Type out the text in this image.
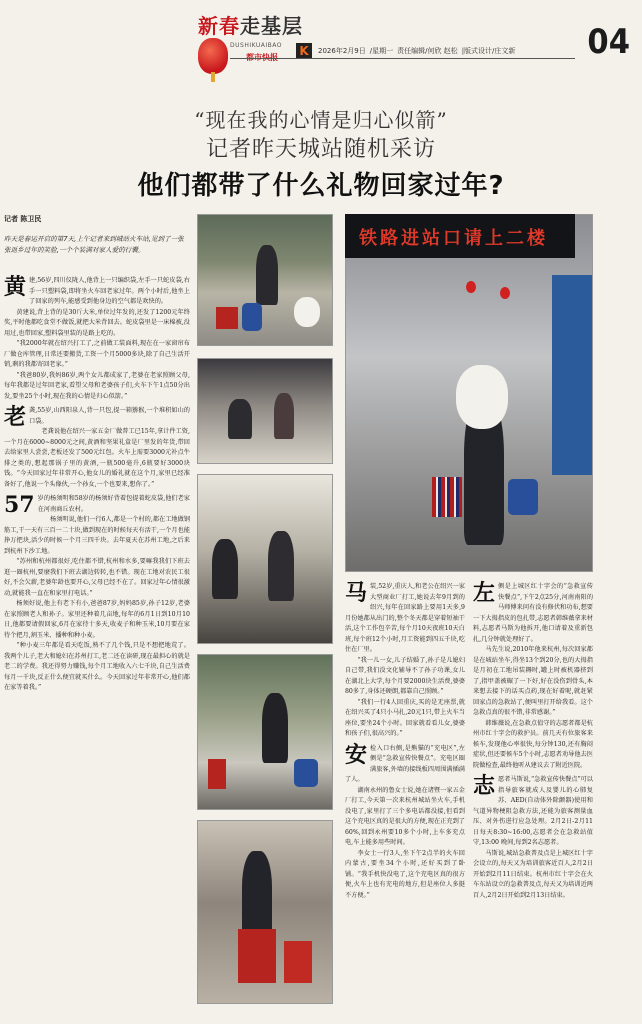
新春走基层
DUSHIKUAIBAO K	2026年2月9日 /星期一 责任编辑/何欣 赵松 |版式设计/庄文新 04
“现在我的心情是归心似箭”
记者昨天城站随机采访
他们都带了什么礼物回家过年?
记者 陈卫民
昨天是春运开启的第7天,上午记者来到城站火车站,见到了一张张返乡过年的笑脸,一个个装满对家人爱的行囊。

黄建,56岁,四川仪陇人,他背上一只编织袋,左手一只蛇皮袋,右手一只塑料袋,即将坐火车回老家过年。两个小时后,他坐上了回家的列车,能感受到他身边的空气都是欢快的。

黄建说,背上背的是30斤大米,单位过年发的,还发了1200元年终奖,平时他都吃食堂不做饭,就把大米背回去。蛇皮袋里是一床棉被,没用过,也带回家,塑料袋里装的是路上吃的。

“我2000年就在绍兴打工了,之前做工装面料,现在在一家窗帘布厂做仓库管理,日常还要搬货,工资一个月5000多块,除了自己生活开销,剩的我都寄回老家。”

“我爸80岁,我妈86岁,两个女儿都成家了,老婆在老家照顾父母,每年我都是过年回老家,看望父母和老婆孩子们,火车下午1点50分出发,要坐25个小时,现在我的心情是归心似箭。”

老龚,55岁,山西阳泉人,背一只包,提一箱猕猴,一个堆积如山的口袋。

老龚说他在绍兴一家五金厂做普工已15年,拿计件工资,一个月在6000~8000元之间,黄酒和坚果礼盒是厂里发的年货,带回去给家里人尝尝,老板还发了500元红包。火车上需要3000元补点牛排之类的,想起那锅子里的黄酒,一瓶500毫升,6瓶要好3000块钱。“今天回家过年非常开心,他女儿的婚礼就在这个月,家里已经准备好了,他说一个头像伙,一个孙女,一个也要来,想你了。”

57 岁的杨须明和58岁的杨须好背着包提着蛇皮袋,他们老家在河南商丘农村。

杨须明说,他们一行6人,都是一个村的,都在工地做钢筋工,干一天有三百一二十块,做到现在的时候每天有活干,一个月也能挣万把块,活少的时候一个月三四千块。去年夏天在苏州工地,之后来到杭州下沙工地。

“苏州和杭州都很好,吃住都不错,杭州和水多,要嘛我我们下班去逛一圈杭州,要麼我们下班去湖边转转,也不错。现在工地对农民工很好,不会欠薪,老婆年龄也要开心,父母已经不在了。回家过年心情很激动,就能我一直在和家里打电话。”

杨须好说,他上有老下有小,爸爸87岁,妈妈85岁,孙子12岁,老婆在家照顾老人和孙子。家里还种着几亩地,每年的6月1日到10月10日,他都要请假回家,6月在家待十多天,收麦子和种玉米,10月要在家待个把月,割玉米、播种和种小麦。

“种小麦三年都是看天吃饭,熟不了几个钱,只是不想把地荒了。我两个儿子,老大和媳妇在苏州打工,老二还在读研,现在最担心的就是老二的学费。我还得努力赚钱,每个月工地收入六七千块,自己生活费每月一千块,反正什么便宜就买什么。今天回家过年非常开心,他们都在家等着我。”

铁路进站口请上二楼

马装,52岁,重庆人,和老公在绍兴一家大型商业厂打工,她说去年9月到的绍兴,每年在回家路上要用1天多,9月份她都从出门的,整个冬天都是穿着短袖干活,这个工作包辛苦,每个月10天夜班10天白班,每个班12个小时,月工资能到四五千块,吃住在厂里。

“我一儿一女,儿子结婚了,孙子是儿媳妇自己带,我们没文化辅导不了孙子功课,女儿在湖北上大学,每个月要2000块生活费,婆婆80多了,身体还硬朗,都靠自己照顾。”

“我们一行4人回重庆,买的是无座票,就在绍兴买了4只小马扎,20元1只,带上火车当座位,要坐24个小时。回家就看看儿女,婆婆和孩子们,很高兴的。”

安检入口右侧,是熊猫的“充电区”,左侧是“急救宣传快餐点”。充电区圈满旅客,外墙的接线板四周围满插满了人。

湖南永州的鲁女士说,她在诸暨一家五金厂打工,今天第一次来杭州城站坐火车,手机没电了,家里打了三个多电话都没接,但看到这个充电区真的是很大的方便,现在正充到了60%,回到永州要10多个小时,上车多充点电,车上能多用些时间。

李女士一行3人,坐下午2点半的火车回内蒙古,要坐34个小时,还好买到了卧铺。“我手机快没电了,这个充电区真的很方便,火车上也有充电的地方,但是座位人多挺不方便。”

左侧是上城区红十字会的“急救宣传快餐点”,下午2点25分,河南南阳的马师傅来问有没有修伏和功布,想要一下大拇指皮的包扎带,志愿者韩维薇拿来材料,志愿者马斯为他拆开,他口请着及重新包扎,几分钟就处理好了。

马先生说,2010年他来杭州,每次回家都是在城站坐车,得坐13个到20分,也的大拇指是月初在工地吊装耨时,罐上时被机器挤到了,指甲盖被碾了一下好,好在没伤到骨头,本来想去接下的话买点药,现在好着呢,就赶紧回家点的急救站了,便叫里打开给我看。这个急救点真的很不错,非常感谢。”

韩维薇说,在急救点值守的志愿者都是杭州市红十字会的救护员。前几天有位旅客来候车,发现他心率很快,每分钟130,还有胸闷症状,但还要候车5个小时,志愿者劝导他去医院做检查,最终他听从建议去了附近医院。

志愿者马斯说,“急救宣传快餐点”可以指导旅客就成人及婴儿的心肺复苏、AED(自动体外除颤器)使用和气道异物梗阻急救方法,还能为旅客测量血压、对外伤进行应急处理。2月2日-2月11日每天8:30~16:00,志愿者会在急救站值守,13:00 晚间,每到2名志愿者。

马斯说,城站急救普及点是上城区红十字会设立的,每天又为培训旅客近百人,2月2日开始到2月11日结束。杭州市红十字会在火车东站设立的急救普及点,每天又为培训近两百人,2月2日开始到2月13日结束。
